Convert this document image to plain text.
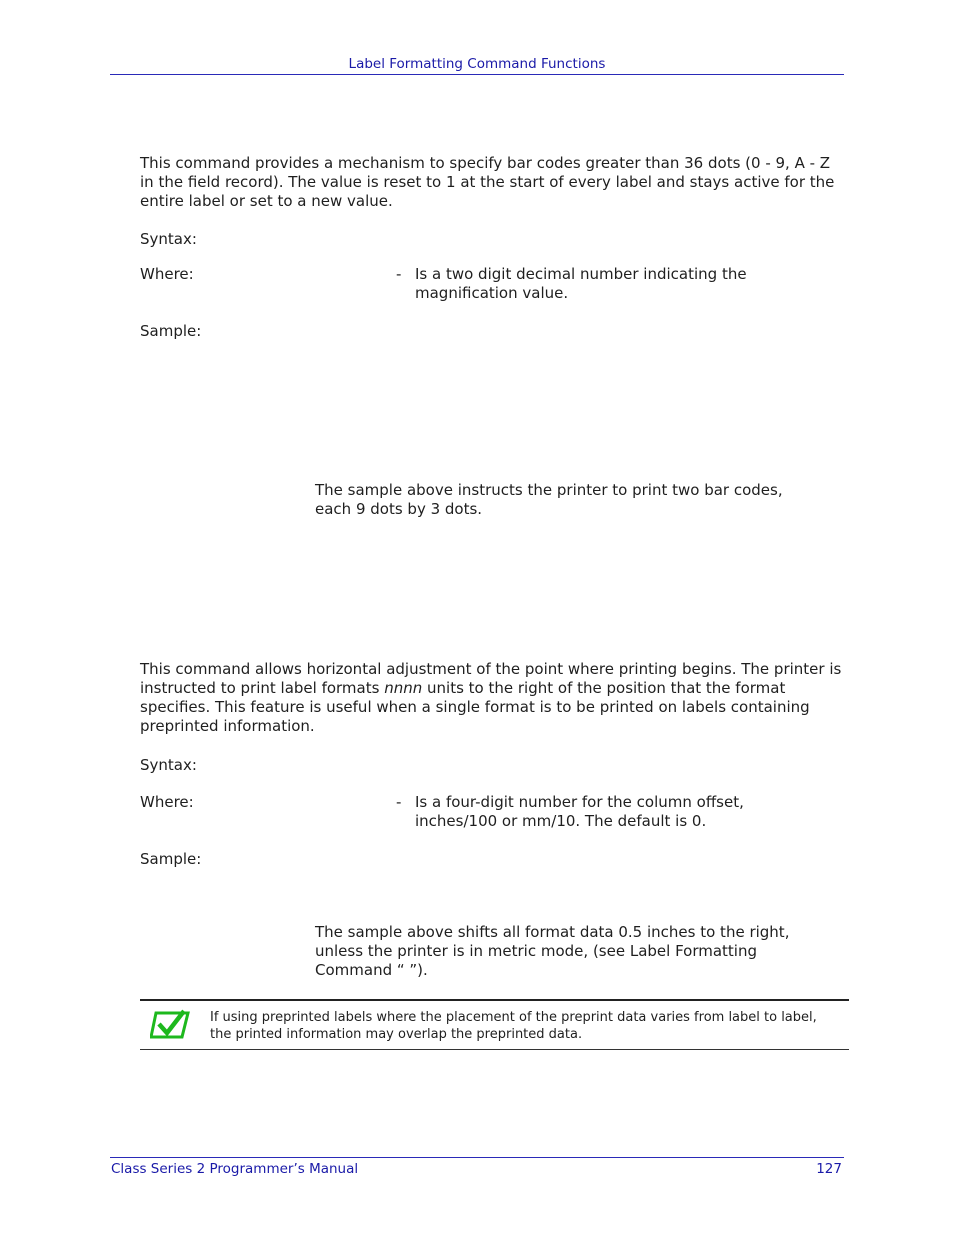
Label Formatting Command Functions
This command provides a mechanism to specify bar codes greater than 36 dots (0 - 9, A - Z in the field record). The value is reset to 1 at the start of every label and stays active for the entire label or set to a new value.
Syntax:
Where:	- Is a two digit decimal number indicating the magnification value.
Sample:
The sample above instructs the printer to print two bar codes, each 9 dots by 3 dots.
This command allows horizontal adjustment of the point where printing begins. The printer is instructed to print label formats nnnn units to the right of the position that the format specifies. This feature is useful when a single format is to be printed on labels containing preprinted information.
Syntax:
Where:	- Is a four-digit number for the column offset, inches/100 or mm/10. The default is 0.
Sample:
The sample above shifts all format data 0.5 inches to the right, unless the printer is in metric mode, (see Label Formatting Command “ ”).
If using preprinted labels where the placement of the preprint data varies from label to label, the printed information may overlap the preprinted data.
Class Series 2 Programmer’s Manual	127
